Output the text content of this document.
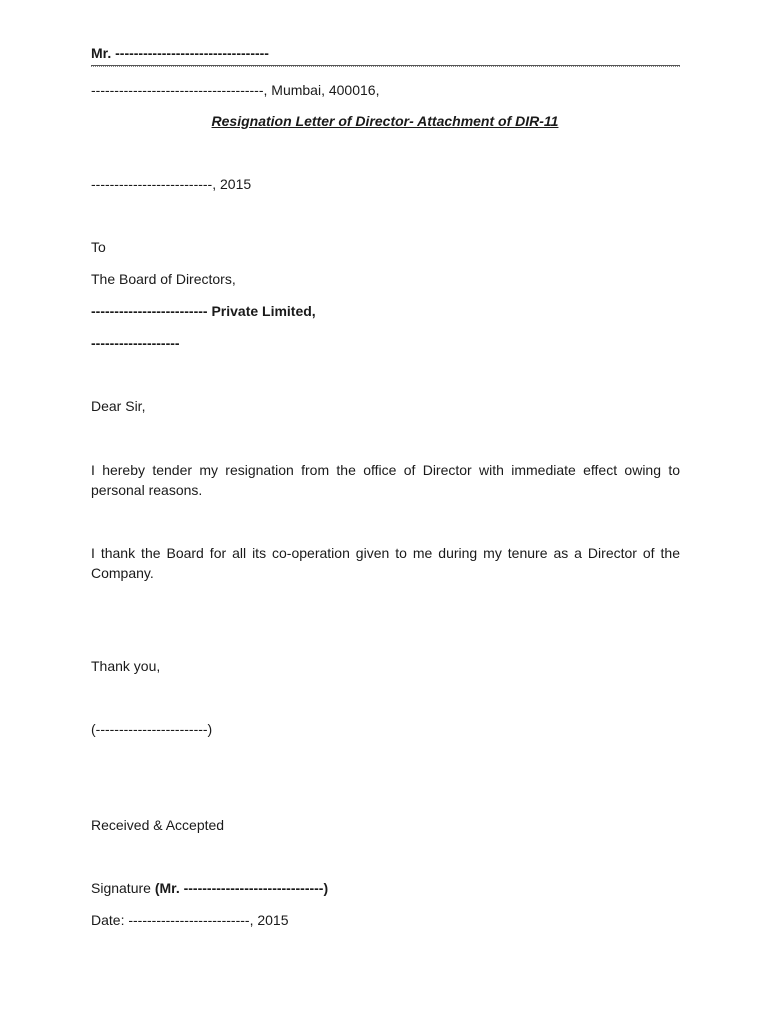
Mr. ---------------------------------
-------------------------------------, Mumbai, 400016,
Resignation Letter of Director- Attachment of DIR-11
--------------------------, 2015
To
The Board of Directors,
------------------------- Private Limited,
-------------------
Dear Sir,
I hereby tender my resignation from the office of Director with immediate effect owing to personal reasons.
I thank the Board for all its co-operation given to me during my tenure as a Director of the Company.
Thank you,
(------------------------)
Received & Accepted
Signature (Mr. ------------------------------)
Date: --------------------------, 2015
